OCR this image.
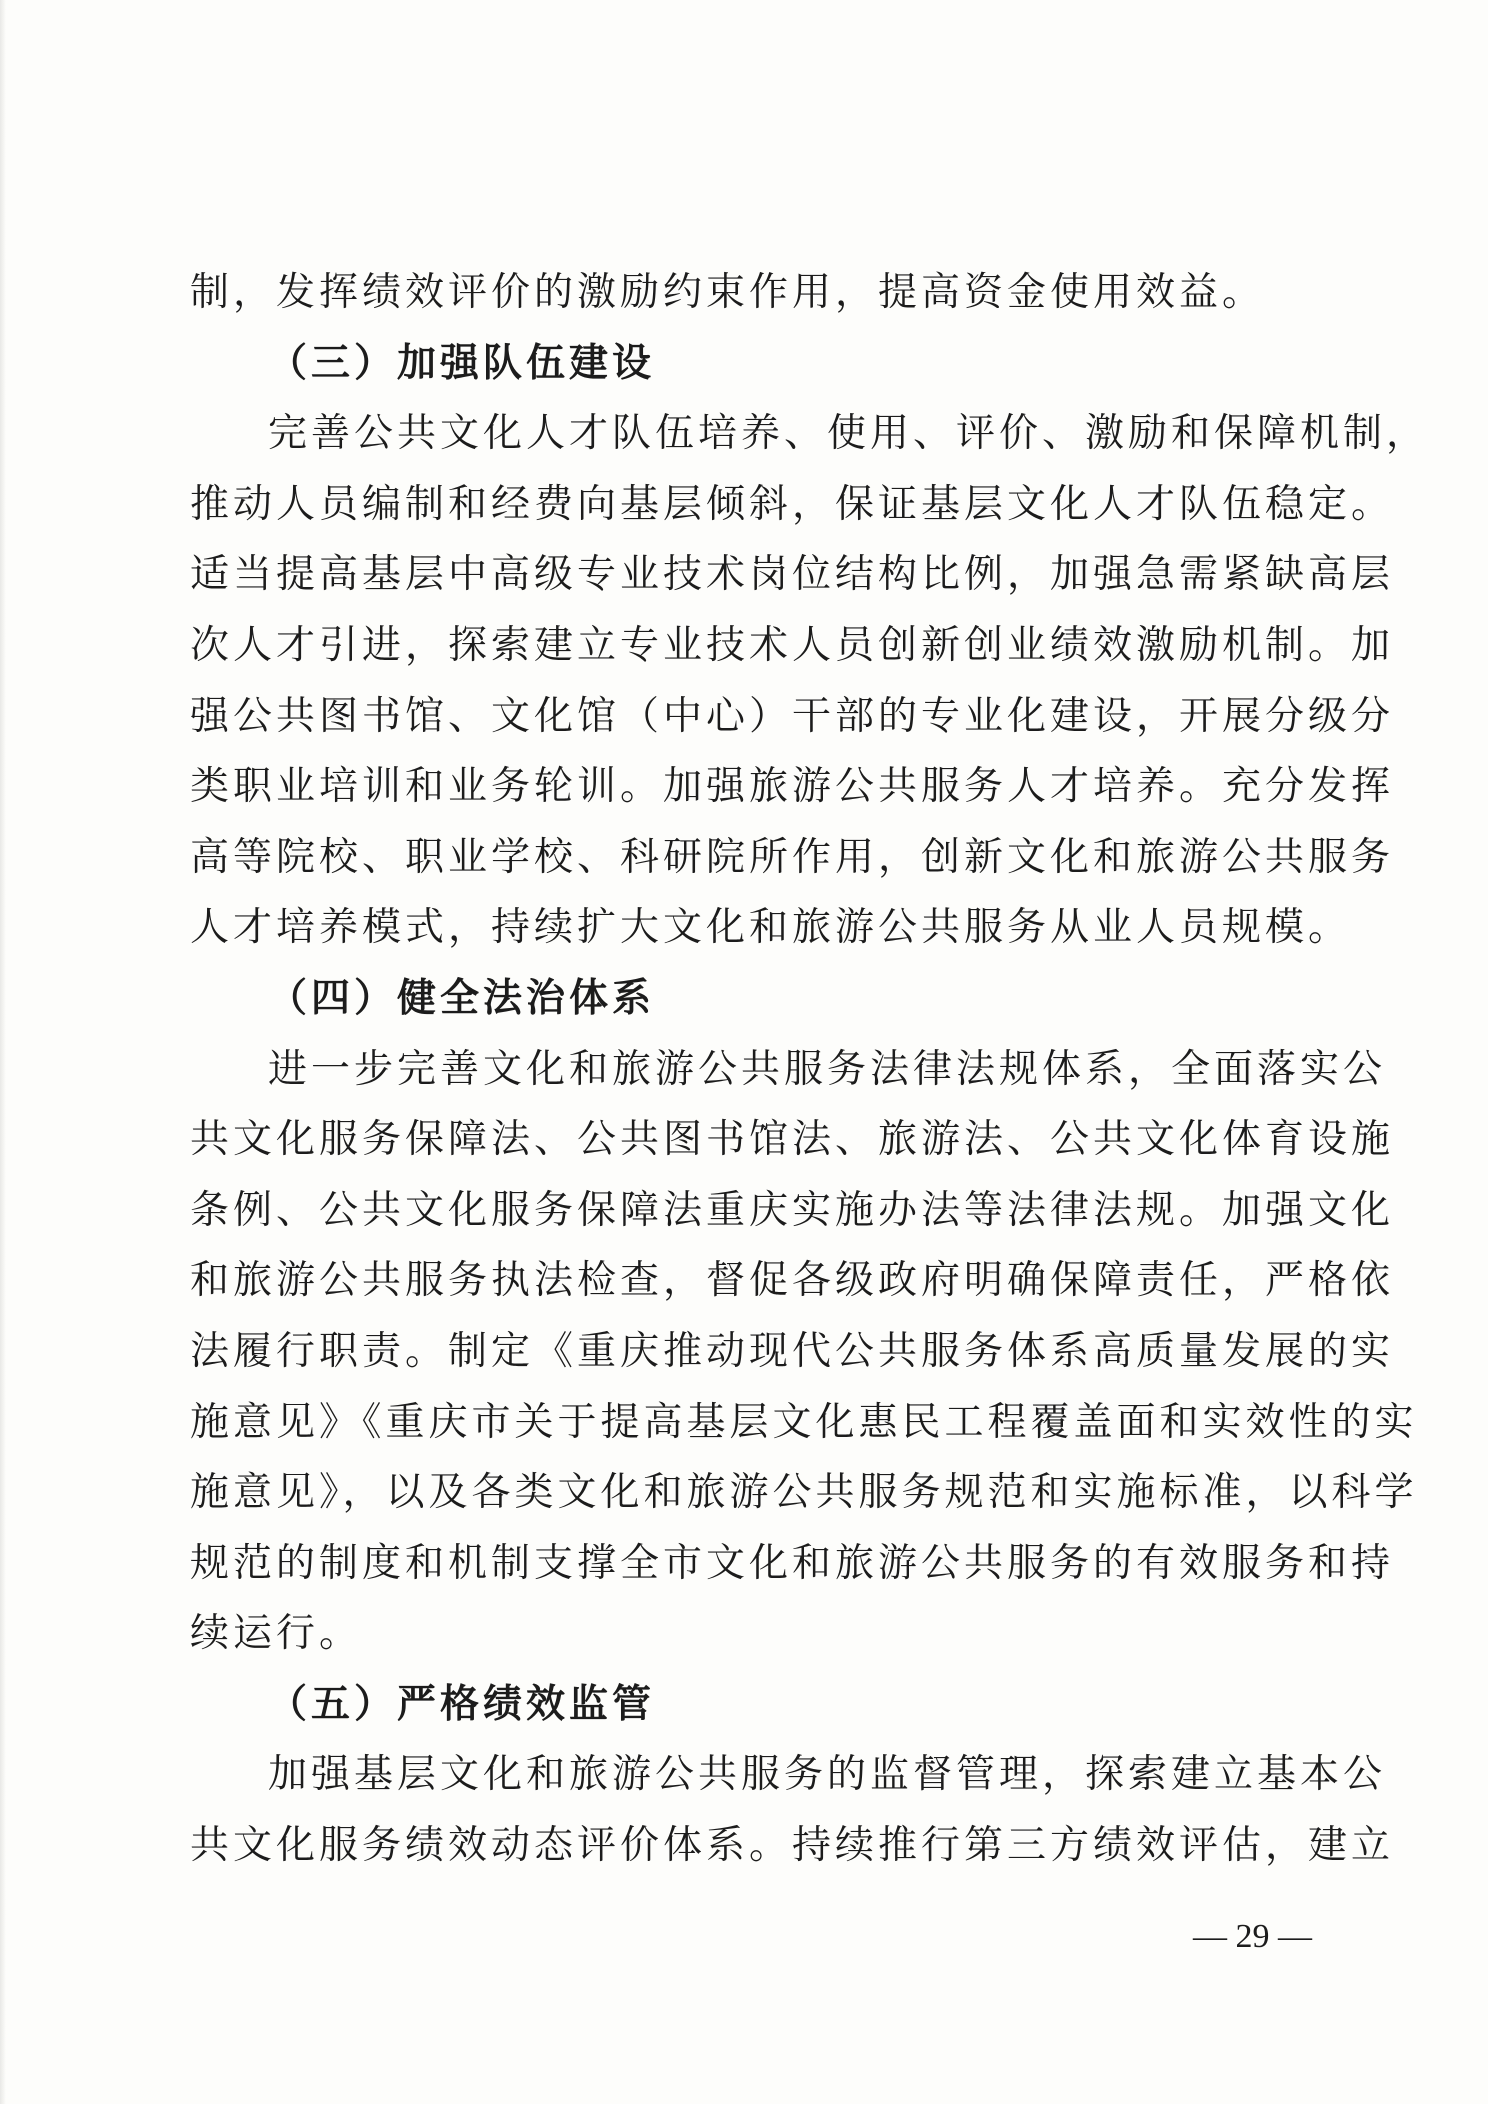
制，发挥绩效评价的激励约束作用，提高资金使用效益。
（三）加强队伍建设
完善公共文化人才队伍培养、使用、评价、激励和保障机制，
推动人员编制和经费向基层倾斜，保证基层文化人才队伍稳定。
适当提高基层中高级专业技术岗位结构比例，加强急需紧缺高层
次人才引进，探索建立专业技术人员创新创业绩效激励机制。加
强公共图书馆、文化馆（中心）干部的专业化建设，开展分级分
类职业培训和业务轮训。加强旅游公共服务人才培养。充分发挥
高等院校、职业学校、科研院所作用，创新文化和旅游公共服务
人才培养模式，持续扩大文化和旅游公共服务从业人员规模。
（四）健全法治体系
进一步完善文化和旅游公共服务法律法规体系，全面落实公
共文化服务保障法、公共图书馆法、旅游法、公共文化体育设施
条例、公共文化服务保障法重庆实施办法等法律法规。加强文化
和旅游公共服务执法检查，督促各级政府明确保障责任，严格依
法履行职责。制定《重庆推动现代公共服务体系高质量发展的实
施意见》《重庆市关于提高基层文化惠民工程覆盖面和实效性的实
施意见》，以及各类文化和旅游公共服务规范和实施标准，以科学
规范的制度和机制支撑全市文化和旅游公共服务的有效服务和持
续运行。
（五）严格绩效监管
加强基层文化和旅游公共服务的监督管理，探索建立基本公
共文化服务绩效动态评价体系。持续推行第三方绩效评估，建立
— 29 —
